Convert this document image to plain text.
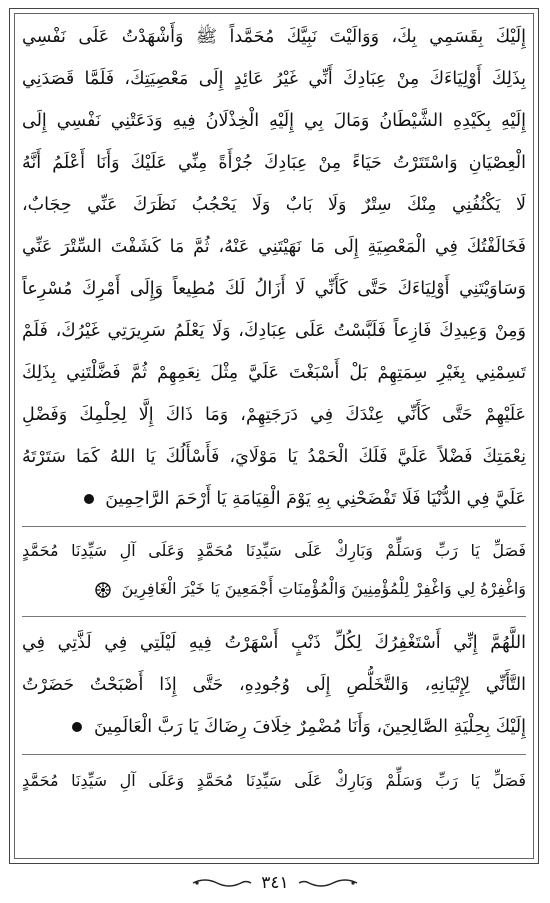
إِلَيْكَ بِقَسَمِي بِكَ، وَوَالَيْتَ نَبِيَّكَ مُحَمَّداً ﷺ وَأَشْهَدْتُ عَلَى نَفْسِي
بِذَلِكَ أَوْلِيَاءَكَ مِنْ عِبَادِكَ أَنِّي غَيْرُ عَائِدٍ إِلَى مَعْصِيَتِكَ، فَلَمَّا قَصَدَنِي
إِلَيْهِ بِكَيْدِهِ الشَّيْطَانُ وَمَالَ بِي إِلَيْهِ الْخِذْلَانُ فِيهِ وَدَعَتْنِي نَفْسِي إِلَى
الْعِصْيَانِ وَاسْتَتَرْتُ حَيَاءً مِنْ عِبَادِكَ جُرْأَةً مِنِّي عَلَيْكَ وَأَنَا أَعْلَمُ أَنَّهُ
لَا يَكْنُفُنِي مِنْكَ سِتْرٌ وَلَا بَابٌ وَلَا يَحْجُبُ نَظَرَكَ عَنِّي حِجَابٌ،
فَخَالَفْتُكَ فِي الْمَعْصِيَةِ إِلَى مَا نَهَيْتَنِي عَنْهُ، ثُمَّ مَا كَشَفْتَ السِّتْرَ عَنِّي
وَسَاوَيْتَنِي أَوْلِيَاءَكَ حَتَّى كَأَنِّي لَا أَزَالُ لَكَ مُطِيعاً وَإِلَى أَمْرِكَ مُسْرِعاً
وَمِنْ وَعِيدِكَ فَازِعاً فَلَبَّسْتُ عَلَى عِبَادِكَ، وَلَا يَعْلَمُ سَرِيرَتِي غَيْرُكَ، فَلَمْ
تَسِمْنِي بِغَيْرِ سِمَتِهِمْ بَلْ أَسْبَغْتَ عَلَيَّ مِثْلَ نِعَمِهِمْ ثُمَّ فَضَّلْتَنِي بِذَلِكَ
عَلَيْهِمْ حَتَّى كَأَنِّي عِنْدَكَ فِي دَرَجَتِهِمْ، وَمَا ذَاكَ إِلَّا لِحِلْمِكَ وَفَضْلِ
نِعْمَتِكَ فَضْلاً عَلَيَّ فَلَكَ الْحَمْدُ يَا مَوْلَايَ، فَأَسْأَلُكَ يَا اللهُ كَمَا سَتَرْتَهُ
عَلَيَّ فِي الدُّنْيَا فَلَا تَفْضَحْنِي بِهِ يَوْمَ الْقِيَامَةِ يَا أَرْحَمَ الرَّاحِمِينَ
فَصَلِّ يَا رَبِّ وَسَلِّمْ وَبَارِكْ عَلَى سَيِّدِنَا مُحَمَّدٍ وَعَلَى آلِ سَيِّدِنَا مُحَمَّدٍ
وَاغْفِرْهُ لِي وَاغْفِرْ لِلْمُؤْمِنِينَ وَالْمُؤْمِنَاتِ أَجْمَعِينَ يَا خَيْرَ الْغَافِرِينَ
اللَّهُمَّ إِنِّي أَسْتَغْفِرُكَ لِكُلِّ ذَنْبٍ أَسْهَرْتُ فِيهِ لَيْلَتِي فِي لَذَّتِي فِي
التَّأَنِّي لِإِتْيَانِهِ، وَالتَّخَلُّصِ إِلَى وُجُودِهِ، حَتَّى إِذَا أَصْبَحْتُ حَضَرْتُ
إِلَيْكَ بِحِلْيَةِ الصَّالِحِينَ، وَأَنَا مُضْمِرٌ خِلَافَ رِضَاكَ يَا رَبَّ الْعَالَمِينَ
فَصَلِّ يَا رَبِّ وَسَلِّمْ وَبَارِكْ عَلَى سَيِّدِنَا مُحَمَّدٍ وَعَلَى آلِ سَيِّدِنَا مُحَمَّدٍ
٣٤١
